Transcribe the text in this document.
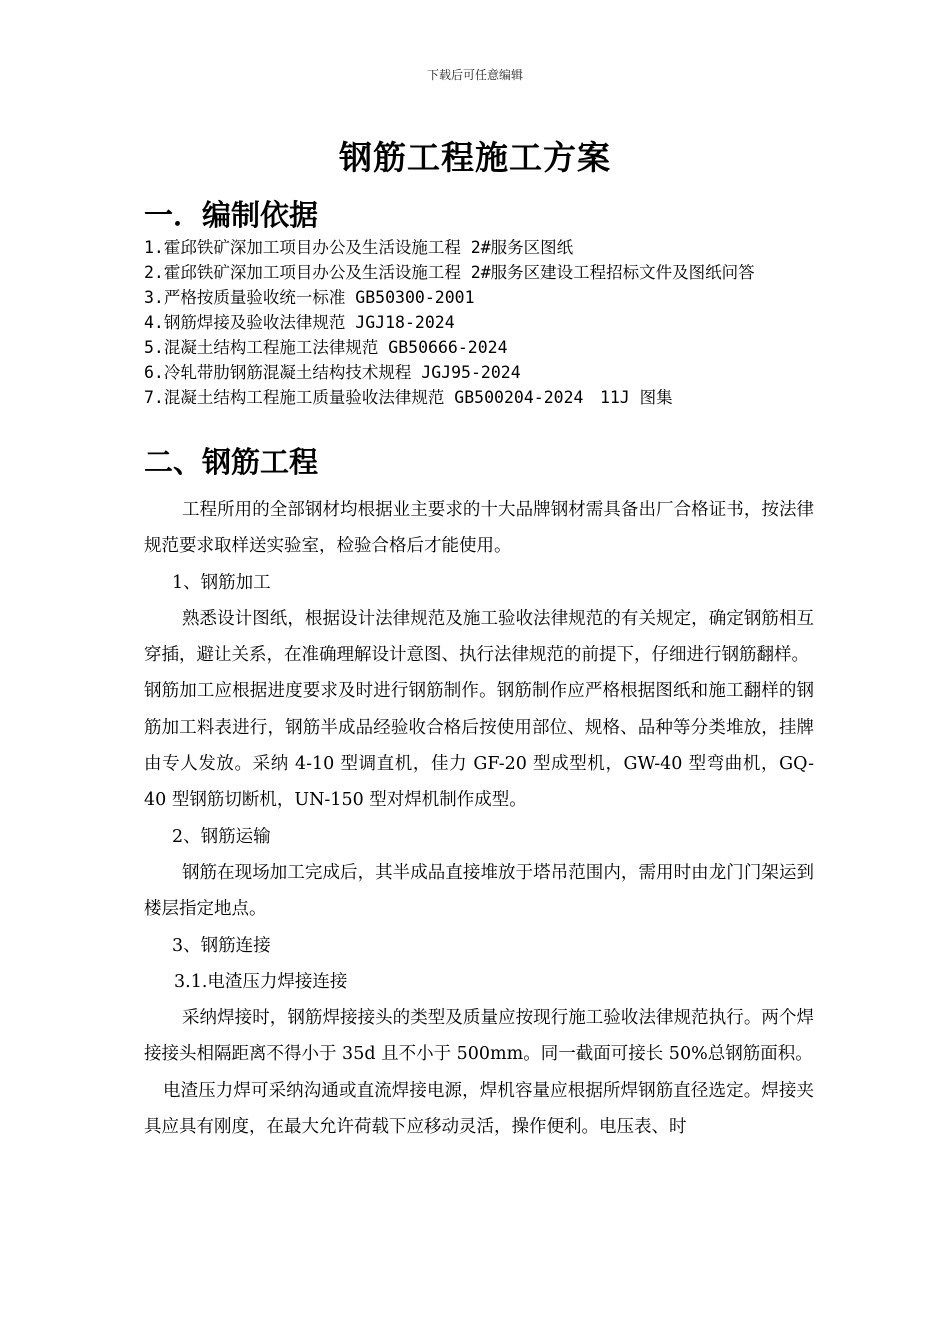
下载后可任意编辑
钢筋工程施工方案
一．编制依据
1.霍邱铁矿深加工项目办公及生活设施工程 2#服务区图纸
2.霍邱铁矿深加工项目办公及生活设施工程 2#服务区建设工程招标文件及图纸问答
3.严格按质量验收统一标准 GB50300-2001
4.钢筋焊接及验收法律规范 JGJ18-2024
5.混凝土结构工程施工法律规范 GB50666-2024
6.冷轧带肋钢筋混凝土结构技术规程 JGJ95-2024
7.混凝土结构工程施工质量验收法律规范 GB500204-2024　11J 图集
二、钢筋工程

工程所用的全部钢材均根据业主要求的十大品牌钢材需具备出厂合格证书，按法律规范要求取样送实验室，检验合格后才能使用。

1、钢筋加工

熟悉设计图纸，根据设计法律规范及施工验收法律规范的有关规定，确定钢筋相互穿插，避让关系，在准确理解设计意图、执行法律规范的前提下，仔细进行钢筋翻样。

钢筋加工应根据进度要求及时进行钢筋制作。钢筋制作应严格根据图纸和施工翻样的钢筋加工料表进行，钢筋半成品经验收合格后按使用部位、规格、品种等分类堆放，挂牌由专人发放。采纳 4-10 型调直机，佳力 GF-20 型成型机，GW-40 型弯曲机，GQ-40 型钢筋切断机，UN-150 型对焊机制作成型。

2、钢筋运输

钢筋在现场加工完成后，其半成品直接堆放于塔吊范围内，需用时由龙门门架运到楼层指定地点。

3、钢筋连接

3.1.电渣压力焊接连接

采纳焊接时，钢筋焊接接头的类型及质量应按现行施工验收法律规范执行。两个焊接接头相隔距离不得小于 35d 且不小于 500mm。同一截面可接长 50%总钢筋面积。

电渣压力焊可采纳沟通或直流焊接电源，焊机容量应根据所焊钢筋直径选定。焊接夹具应具有刚度，在最大允许荷载下应移动灵活，操作便利。电压表、时
